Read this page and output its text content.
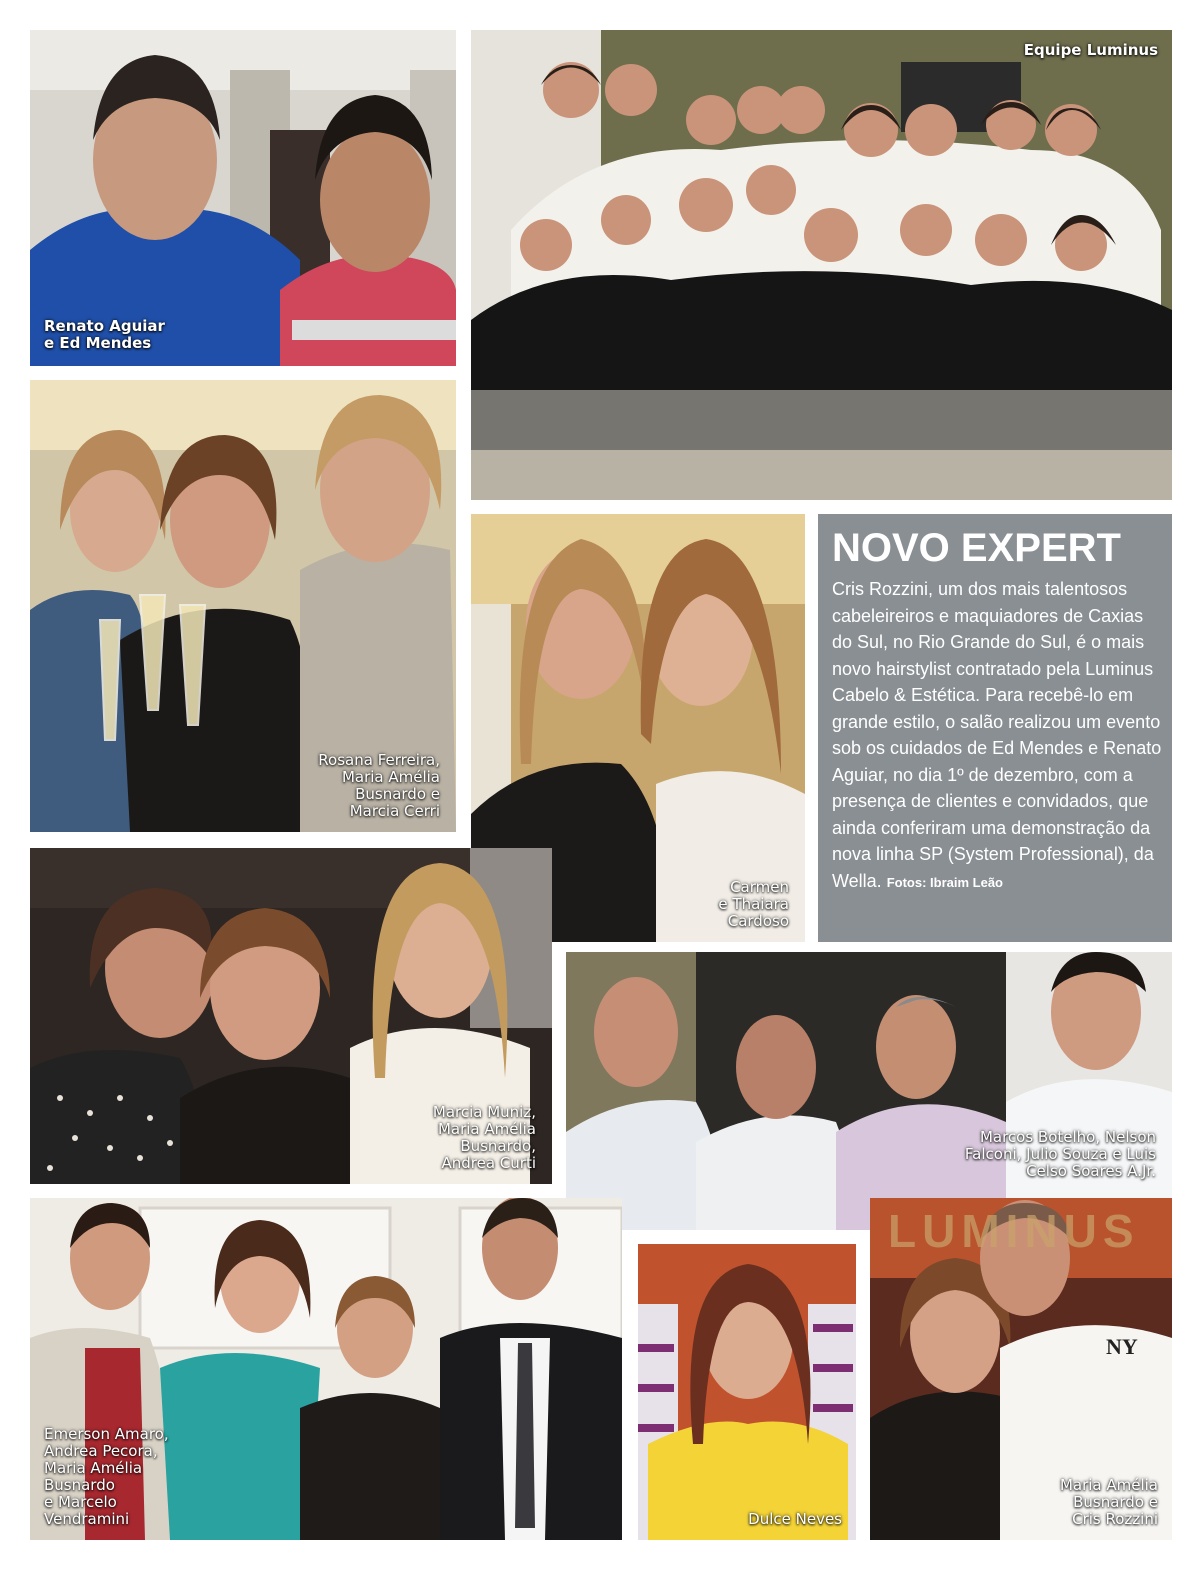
Renato Aguiar
e Ed Mendes
Equipe Luminus
Rosana Ferreira,
Maria Amélia
Busnardo e
Marcia Cerri
Carmen
e Thaiara
Cardoso
NOVO EXPERT
Cris Rozzini, um dos mais talentosos cabeleireiros e maquiadores de Caxias do Sul, no Rio Grande do Sul, é o mais novo hairstylist contratado pela Luminus Cabelo & Estética. Para recebê-lo em grande estilo, o salão realizou um evento sob os cuidados de Ed Mendes e Renato Aguiar, no dia 1º de dezembro, com a presença de clientes e convidados, que ainda conferiram uma demonstração da nova linha SP (System Professional), da Wella. Fotos: Ibraim Leão
Marcia Muniz,
Maria Amélia
Busnardo,
Andrea Curti
Marcos Botelho, Nelson
Falconi, Julio Souza e Luis
Celso Soares A.Jr.
Emerson Amaro,
Andrea Pecora,
Maria Amélia
Busnardo
e Marcelo
Vendramini	Dulce Neves
LUMINUS
NY
Maria Amélia
Busnardo e
Cris Rozzini
